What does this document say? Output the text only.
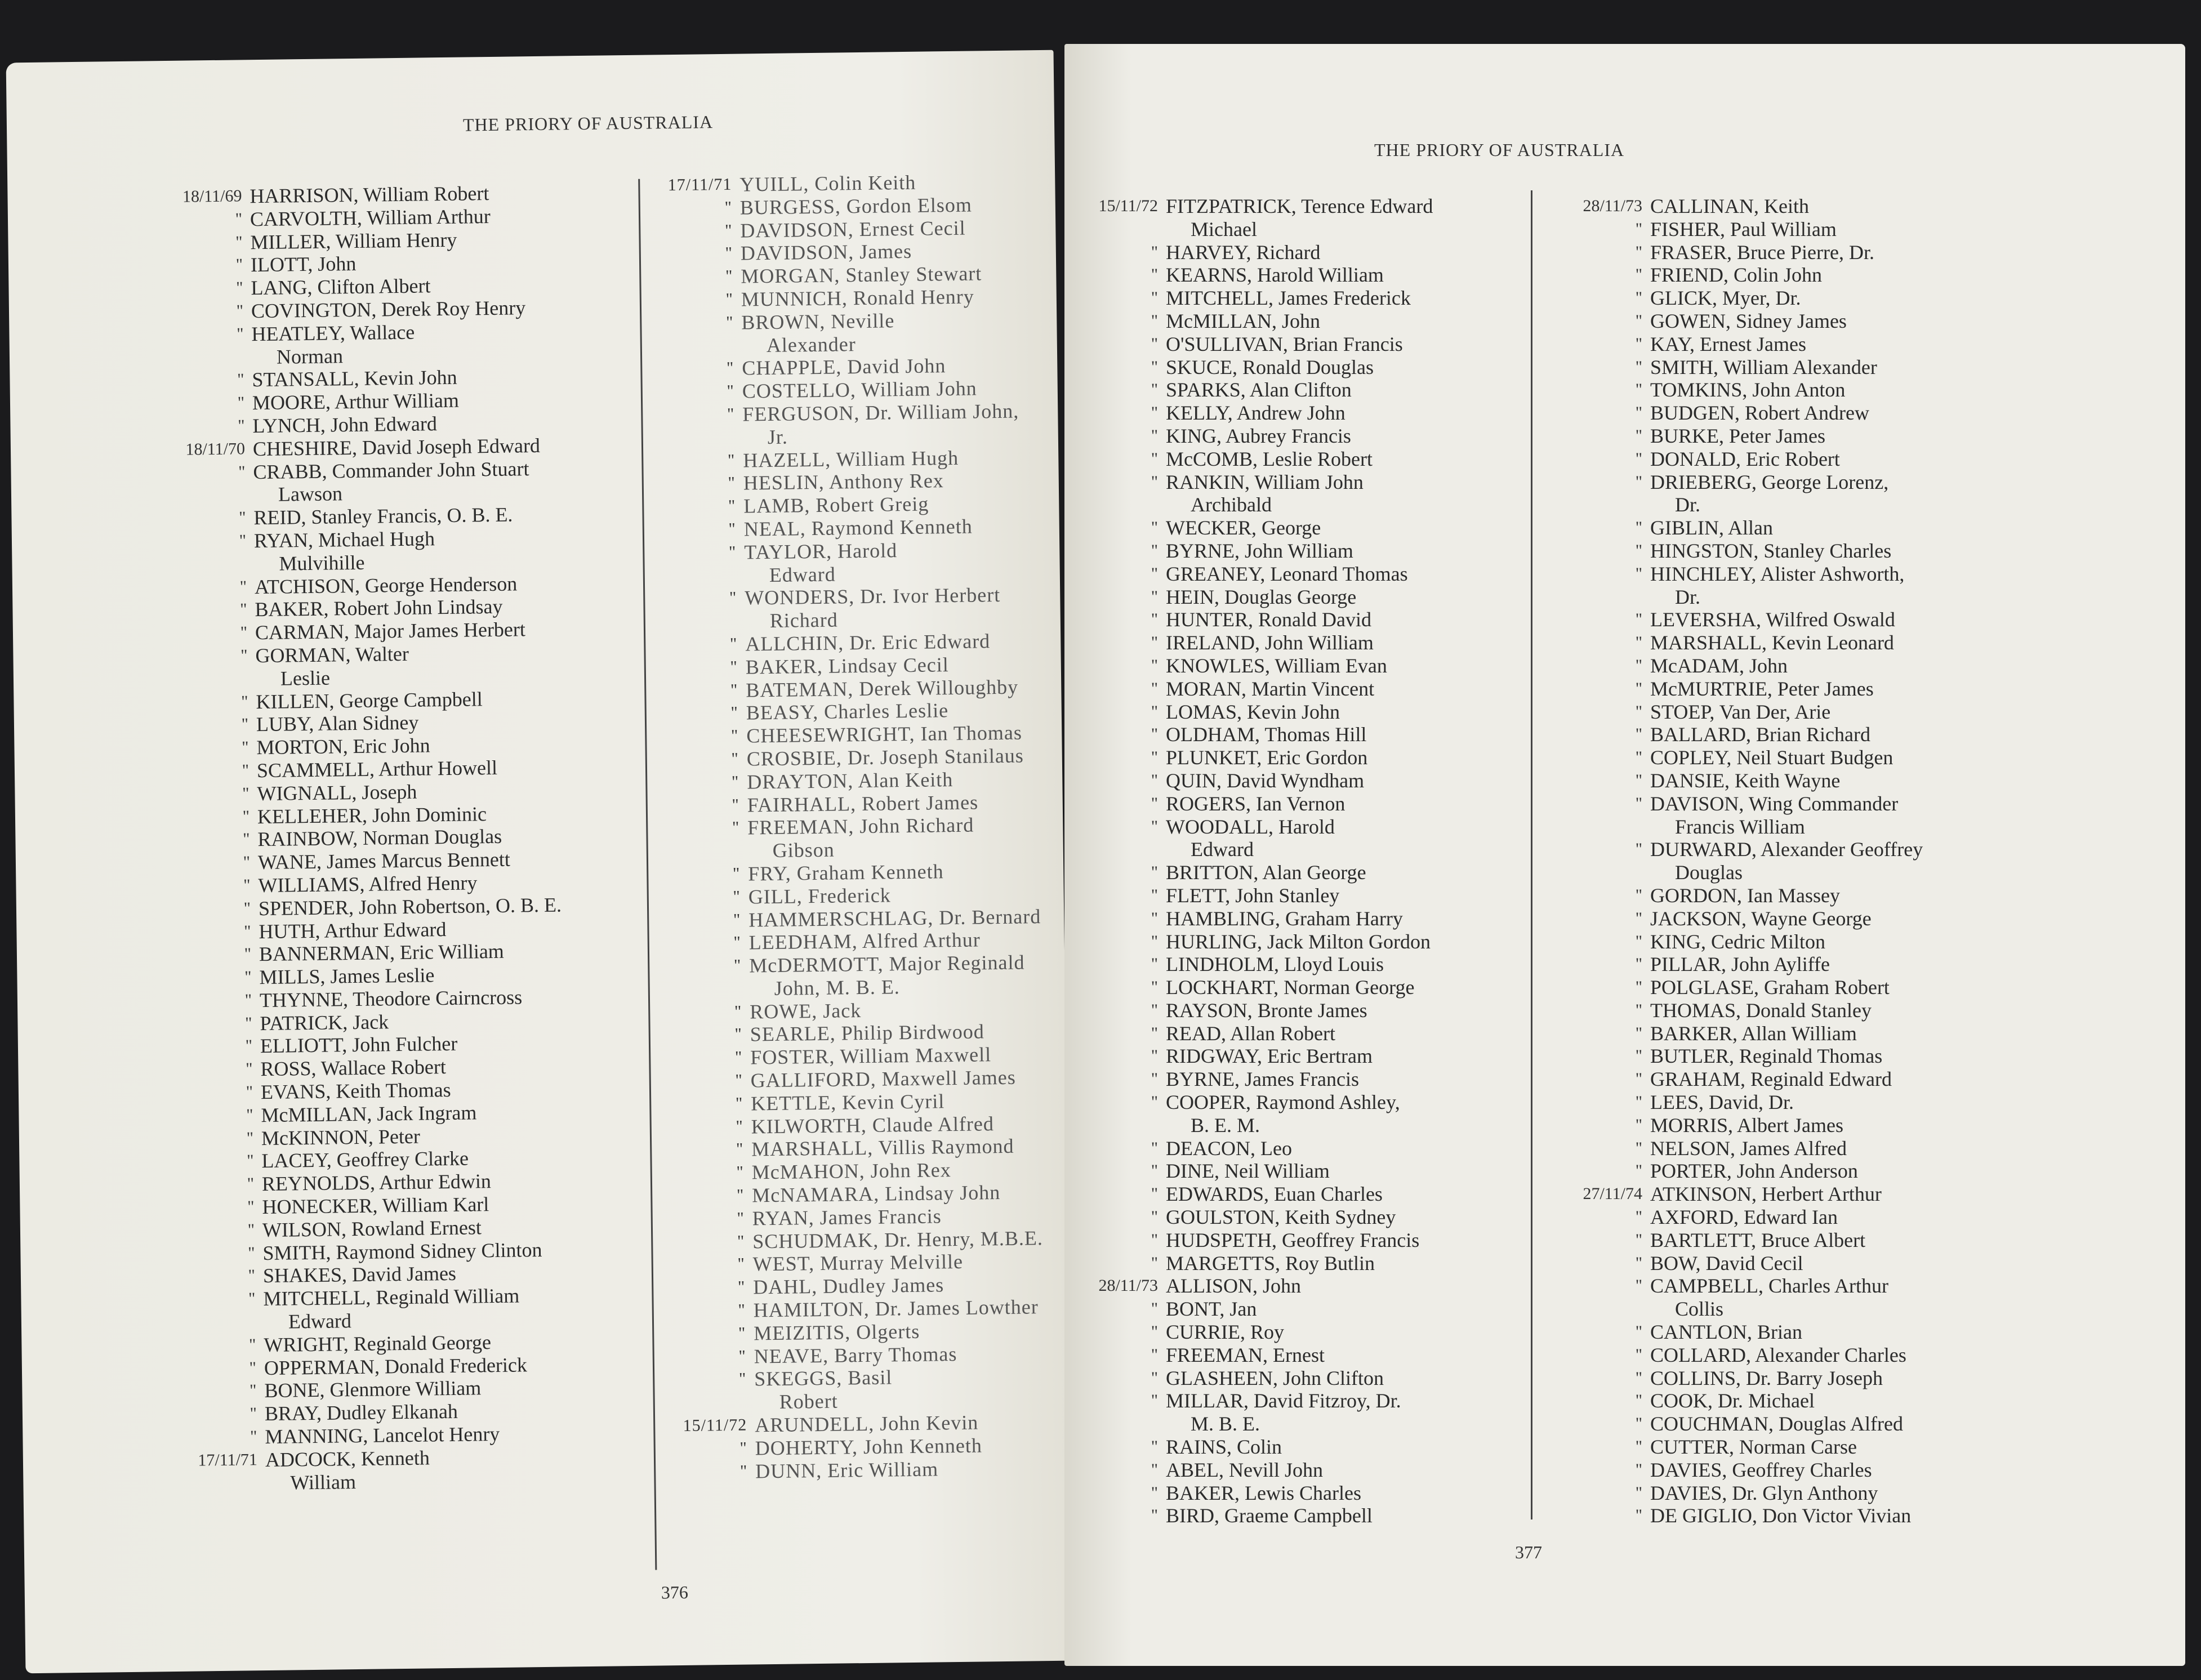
THE PRIORY OF AUSTRALIA
18/11/69 HARRISON, William Robert
" CARVOLTH, William Arthur
" MILLER, William Henry
" ILOTT, John
" LANG, Clifton Albert
" COVINGTON, Derek Roy Henry
" HEATLEY, Wallace
Norman
" STANSALL, Kevin John
" MOORE, Arthur William
" LYNCH, John Edward
18/11/70 CHESHIRE, David Joseph Edward
" CRABB, Commander John Stuart
Lawson
" REID, Stanley Francis, O. B. E.
" RYAN, Michael Hugh
Mulvihille
" ATCHISON, George Henderson
" BAKER, Robert John Lindsay
" CARMAN, Major James Herbert
" GORMAN, Walter
Leslie
" KILLEN, George Campbell
" LUBY, Alan Sidney
" MORTON, Eric John
" SCAMMELL, Arthur Howell
" WIGNALL, Joseph
" KELLEHER, John Dominic
" RAINBOW, Norman Douglas
" WANE, James Marcus Bennett
" WILLIAMS, Alfred Henry
" SPENDER, John Robertson, O. B. E.
" HUTH, Arthur Edward
" BANNERMAN, Eric William
" MILLS, James Leslie
" THYNNE, Theodore Cairncross
" PATRICK, Jack
" ELLIOTT, John Fulcher
" ROSS, Wallace Robert
" EVANS, Keith Thomas
" McMILLAN, Jack Ingram
" McKINNON, Peter
" LACEY, Geoffrey Clarke
" REYNOLDS, Arthur Edwin
" HONECKER, William Karl
" WILSON, Rowland Ernest
" SMITH, Raymond Sidney Clinton
" SHAKES, David James
" MITCHELL, Reginald William
Edward
" WRIGHT, Reginald George
" OPPERMAN, Donald Frederick
" BONE, Glenmore William
" BRAY, Dudley Elkanah
" MANNING, Lancelot Henry
17/11/71 ADCOCK, Kenneth
William
17/11/71 YUILL, Colin Keith
" BURGESS, Gordon Elsom
" DAVIDSON, Ernest Cecil
" DAVIDSON, James
" MORGAN, Stanley Stewart
" MUNNICH, Ronald Henry
" BROWN, Neville
Alexander
" CHAPPLE, David John
" COSTELLO, William John
" FERGUSON, Dr. William John,
Jr.
" HAZELL, William Hugh
" HESLIN, Anthony Rex
" LAMB, Robert Greig
" NEAL, Raymond Kenneth
" TAYLOR, Harold
Edward
" WONDERS, Dr. Ivor Herbert
Richard
" ALLCHIN, Dr. Eric Edward
" BAKER, Lindsay Cecil
" BATEMAN, Derek Willoughby
" BEASY, Charles Leslie
" CHEESEWRIGHT, Ian Thomas
" CROSBIE, Dr. Joseph Stanilaus
" DRAYTON, Alan Keith
" FAIRHALL, Robert James
" FREEMAN, John Richard
Gibson
" FRY, Graham Kenneth
" GILL, Frederick
" HAMMERSCHLAG, Dr. Bernard
" LEEDHAM, Alfred Arthur
" McDERMOTT, Major Reginald
John, M. B. E.
" ROWE, Jack
" SEARLE, Philip Birdwood
" FOSTER, William Maxwell
" GALLIFORD, Maxwell James
" KETTLE, Kevin Cyril
" KILWORTH, Claude Alfred
" MARSHALL, Villis Raymond
" McMAHON, John Rex
" McNAMARA, Lindsay John
" RYAN, James Francis
" SCHUDMAK, Dr. Henry, M.B.E.
" WEST, Murray Melville
" DAHL, Dudley James
" HAMILTON, Dr. James Lowther
" MEIZITIS, Olgerts
" NEAVE, Barry Thomas
" SKEGGS, Basil
Robert
15/11/72 ARUNDELL, John Kevin
" DOHERTY, John Kenneth
" DUNN, Eric William
376
THE PRIORY OF AUSTRALIA
15/11/72 FITZPATRICK, Terence Edward
Michael
" HARVEY, Richard
" KEARNS, Harold William
" MITCHELL, James Frederick
" McMILLAN, John
" O'SULLIVAN, Brian Francis
" SKUCE, Ronald Douglas
" SPARKS, Alan Clifton
" KELLY, Andrew John
" KING, Aubrey Francis
" McCOMB, Leslie Robert
" RANKIN, William John
Archibald
" WECKER, George
" BYRNE, John William
" GREANEY, Leonard Thomas
" HEIN, Douglas George
" HUNTER, Ronald David
" IRELAND, John William
" KNOWLES, William Evan
" MORAN, Martin Vincent
" LOMAS, Kevin John
" OLDHAM, Thomas Hill
" PLUNKET, Eric Gordon
" QUIN, David Wyndham
" ROGERS, Ian Vernon
" WOODALL, Harold
Edward
" BRITTON, Alan George
" FLETT, John Stanley
" HAMBLING, Graham Harry
" HURLING, Jack Milton Gordon
" LINDHOLM, Lloyd Louis
" LOCKHART, Norman George
" RAYSON, Bronte James
" READ, Allan Robert
" RIDGWAY, Eric Bertram
" BYRNE, James Francis
" COOPER, Raymond Ashley,
B. E. M.
" DEACON, Leo
" DINE, Neil William
" EDWARDS, Euan Charles
" GOULSTON, Keith Sydney
" HUDSPETH, Geoffrey Francis
" MARGETTS, Roy Butlin
28/11/73 ALLISON, John
" BONT, Jan
" CURRIE, Roy
" FREEMAN, Ernest
" GLASHEEN, John Clifton
" MILLAR, David Fitzroy, Dr.
M. B. E.
" RAINS, Colin
" ABEL, Nevill John
" BAKER, Lewis Charles
" BIRD, Graeme Campbell
28/11/73 CALLINAN, Keith
" FISHER, Paul William
" FRASER, Bruce Pierre, Dr.
" FRIEND, Colin John
" GLICK, Myer, Dr.
" GOWEN, Sidney James
" KAY, Ernest James
" SMITH, William Alexander
" TOMKINS, John Anton
" BUDGEN, Robert Andrew
" BURKE, Peter James
" DONALD, Eric Robert
" DRIEBERG, George Lorenz,
Dr.
" GIBLIN, Allan
" HINGSTON, Stanley Charles
" HINCHLEY, Alister Ashworth,
Dr.
" LEVERSHA, Wilfred Oswald
" MARSHALL, Kevin Leonard
" McADAM, John
" McMURTRIE, Peter James
" STOEP, Van Der, Arie
" BALLARD, Brian Richard
" COPLEY, Neil Stuart Budgen
" DANSIE, Keith Wayne
" DAVISON, Wing Commander
Francis William
" DURWARD, Alexander Geoffrey
Douglas
" GORDON, Ian Massey
" JACKSON, Wayne George
" KING, Cedric Milton
" PILLAR, John Ayliffe
" POLGLASE, Graham Robert
" THOMAS, Donald Stanley
" BARKER, Allan William
" BUTLER, Reginald Thomas
" GRAHAM, Reginald Edward
" LEES, David, Dr.
" MORRIS, Albert James
" NELSON, James Alfred
" PORTER, John Anderson
27/11/74 ATKINSON, Herbert Arthur
" AXFORD, Edward Ian
" BARTLETT, Bruce Albert
" BOW, David Cecil
" CAMPBELL, Charles Arthur
Collis
" CANTLON, Brian
" COLLARD, Alexander Charles
" COLLINS, Dr. Barry Joseph
" COOK, Dr. Michael
" COUCHMAN, Douglas Alfred
" CUTTER, Norman Carse
" DAVIES, Geoffrey Charles
" DAVIES, Dr. Glyn Anthony
" DE GIGLIO, Don Victor Vivian
377
